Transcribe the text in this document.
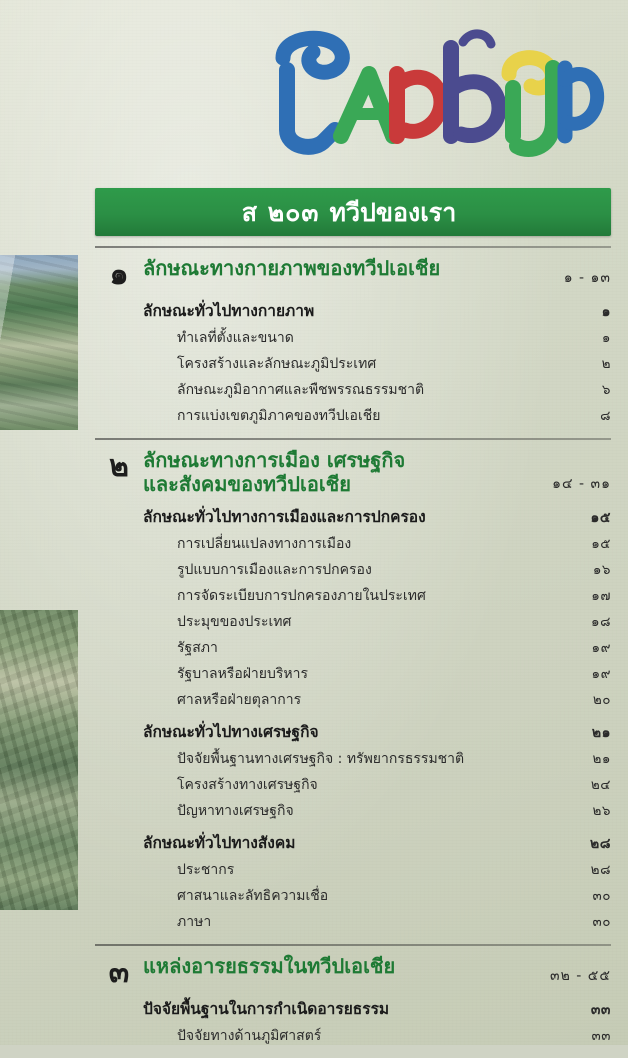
ส ๒๐๓ ทวีปของเรา
๑ ลักษณะทางกายภาพของทวีปเอเชีย	๑ - ๑๓
ลักษณะทั่วไปทางกายภาพ	๑
ทำเลที่ตั้งและขนาด	๑
โครงสร้างและลักษณะภูมิประเทศ	๒
ลักษณะภูมิอากาศและพืชพรรณธรรมชาติ	๖
การแบ่งเขตภูมิภาคของทวีปเอเชีย	๘
๒ ลักษณะทางการเมือง เศรษฐกิจ
และสังคมของทวีปเอเชีย	๑๔ - ๓๑
ลักษณะทั่วไปทางการเมืองและการปกครอง	๑๕
การเปลี่ยนแปลงทางการเมือง	๑๕
รูปแบบการเมืองและการปกครอง	๑๖
การจัดระเบียบการปกครองภายในประเทศ	๑๗
ประมุขของประเทศ	๑๘
รัฐสภา	๑๙
รัฐบาลหรือฝ่ายบริหาร	๑๙
ศาลหรือฝ่ายตุลาการ	๒๐
ลักษณะทั่วไปทางเศรษฐกิจ	๒๑
ปัจจัยพื้นฐานทางเศรษฐกิจ : ทรัพยากรธรรมชาติ	๒๑
โครงสร้างทางเศรษฐกิจ	๒๔
ปัญหาทางเศรษฐกิจ	๒๖
ลักษณะทั่วไปทางสังคม	๒๘
ประชากร	๒๘
ศาสนาและลัทธิความเชื่อ	๓๐
ภาษา	๓๐
๓ แหล่งอารยธรรมในทวีปเอเชีย	๓๒ - ๕๕
ปัจจัยพื้นฐานในการกำเนิดอารยธรรม	๓๓
ปัจจัยทางด้านภูมิศาสตร์	๓๓
